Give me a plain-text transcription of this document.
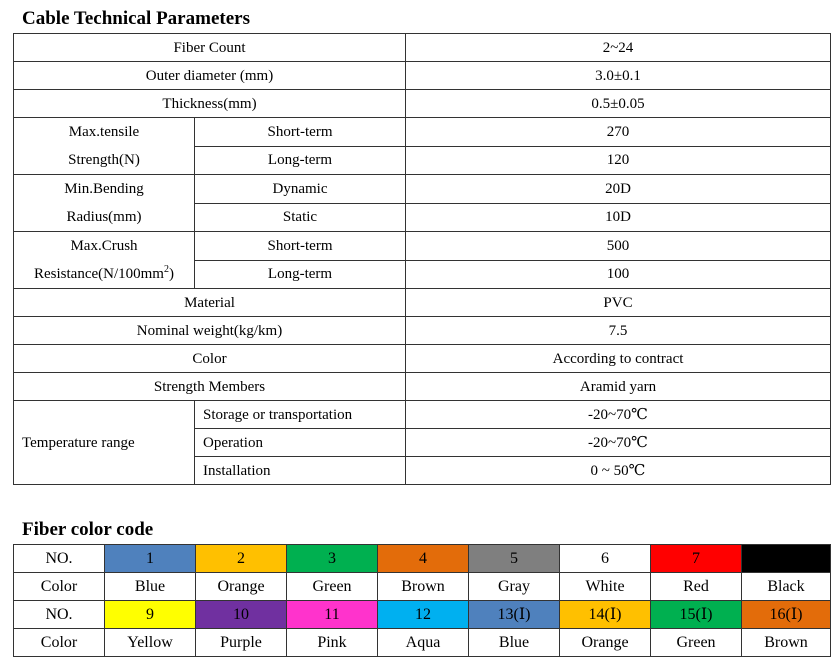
Cable Technical Parameters
Fiber Count		2~24
Outer diameter (mm)		3.0±0.1
Thickness(mm)		0.5±0.05
Max.tensile
Strength(N)	Short-term	270
	Long-term	120
Min.Bending
Radius(mm)	Dynamic	20D
	Static	10D
Max.Crush
$Resistance(N/100mm^2)$	Short-term	500
	Long-term	100
Material		PVC
Nominal weight(kg/km)		7.5
Color		According to contract
Strength Members		Aramid yarn
Temperature range	Storage or transportation	-20~70℃
	Operation	-20~70℃
	Installation	0 ~ 50℃
Fiber color code
NO.	1	2	3	4	5	6	7	8
Color	Blue	Orange	Green	Brown	Gray	White	Red	Black
NO.	9	10	11	12	13(Ⅰ)	14(Ⅰ)	15(Ⅰ)	16(Ⅰ)
Color	Yellow	Purple	Pink	Aqua	Blue	Orange	Green	Brown
